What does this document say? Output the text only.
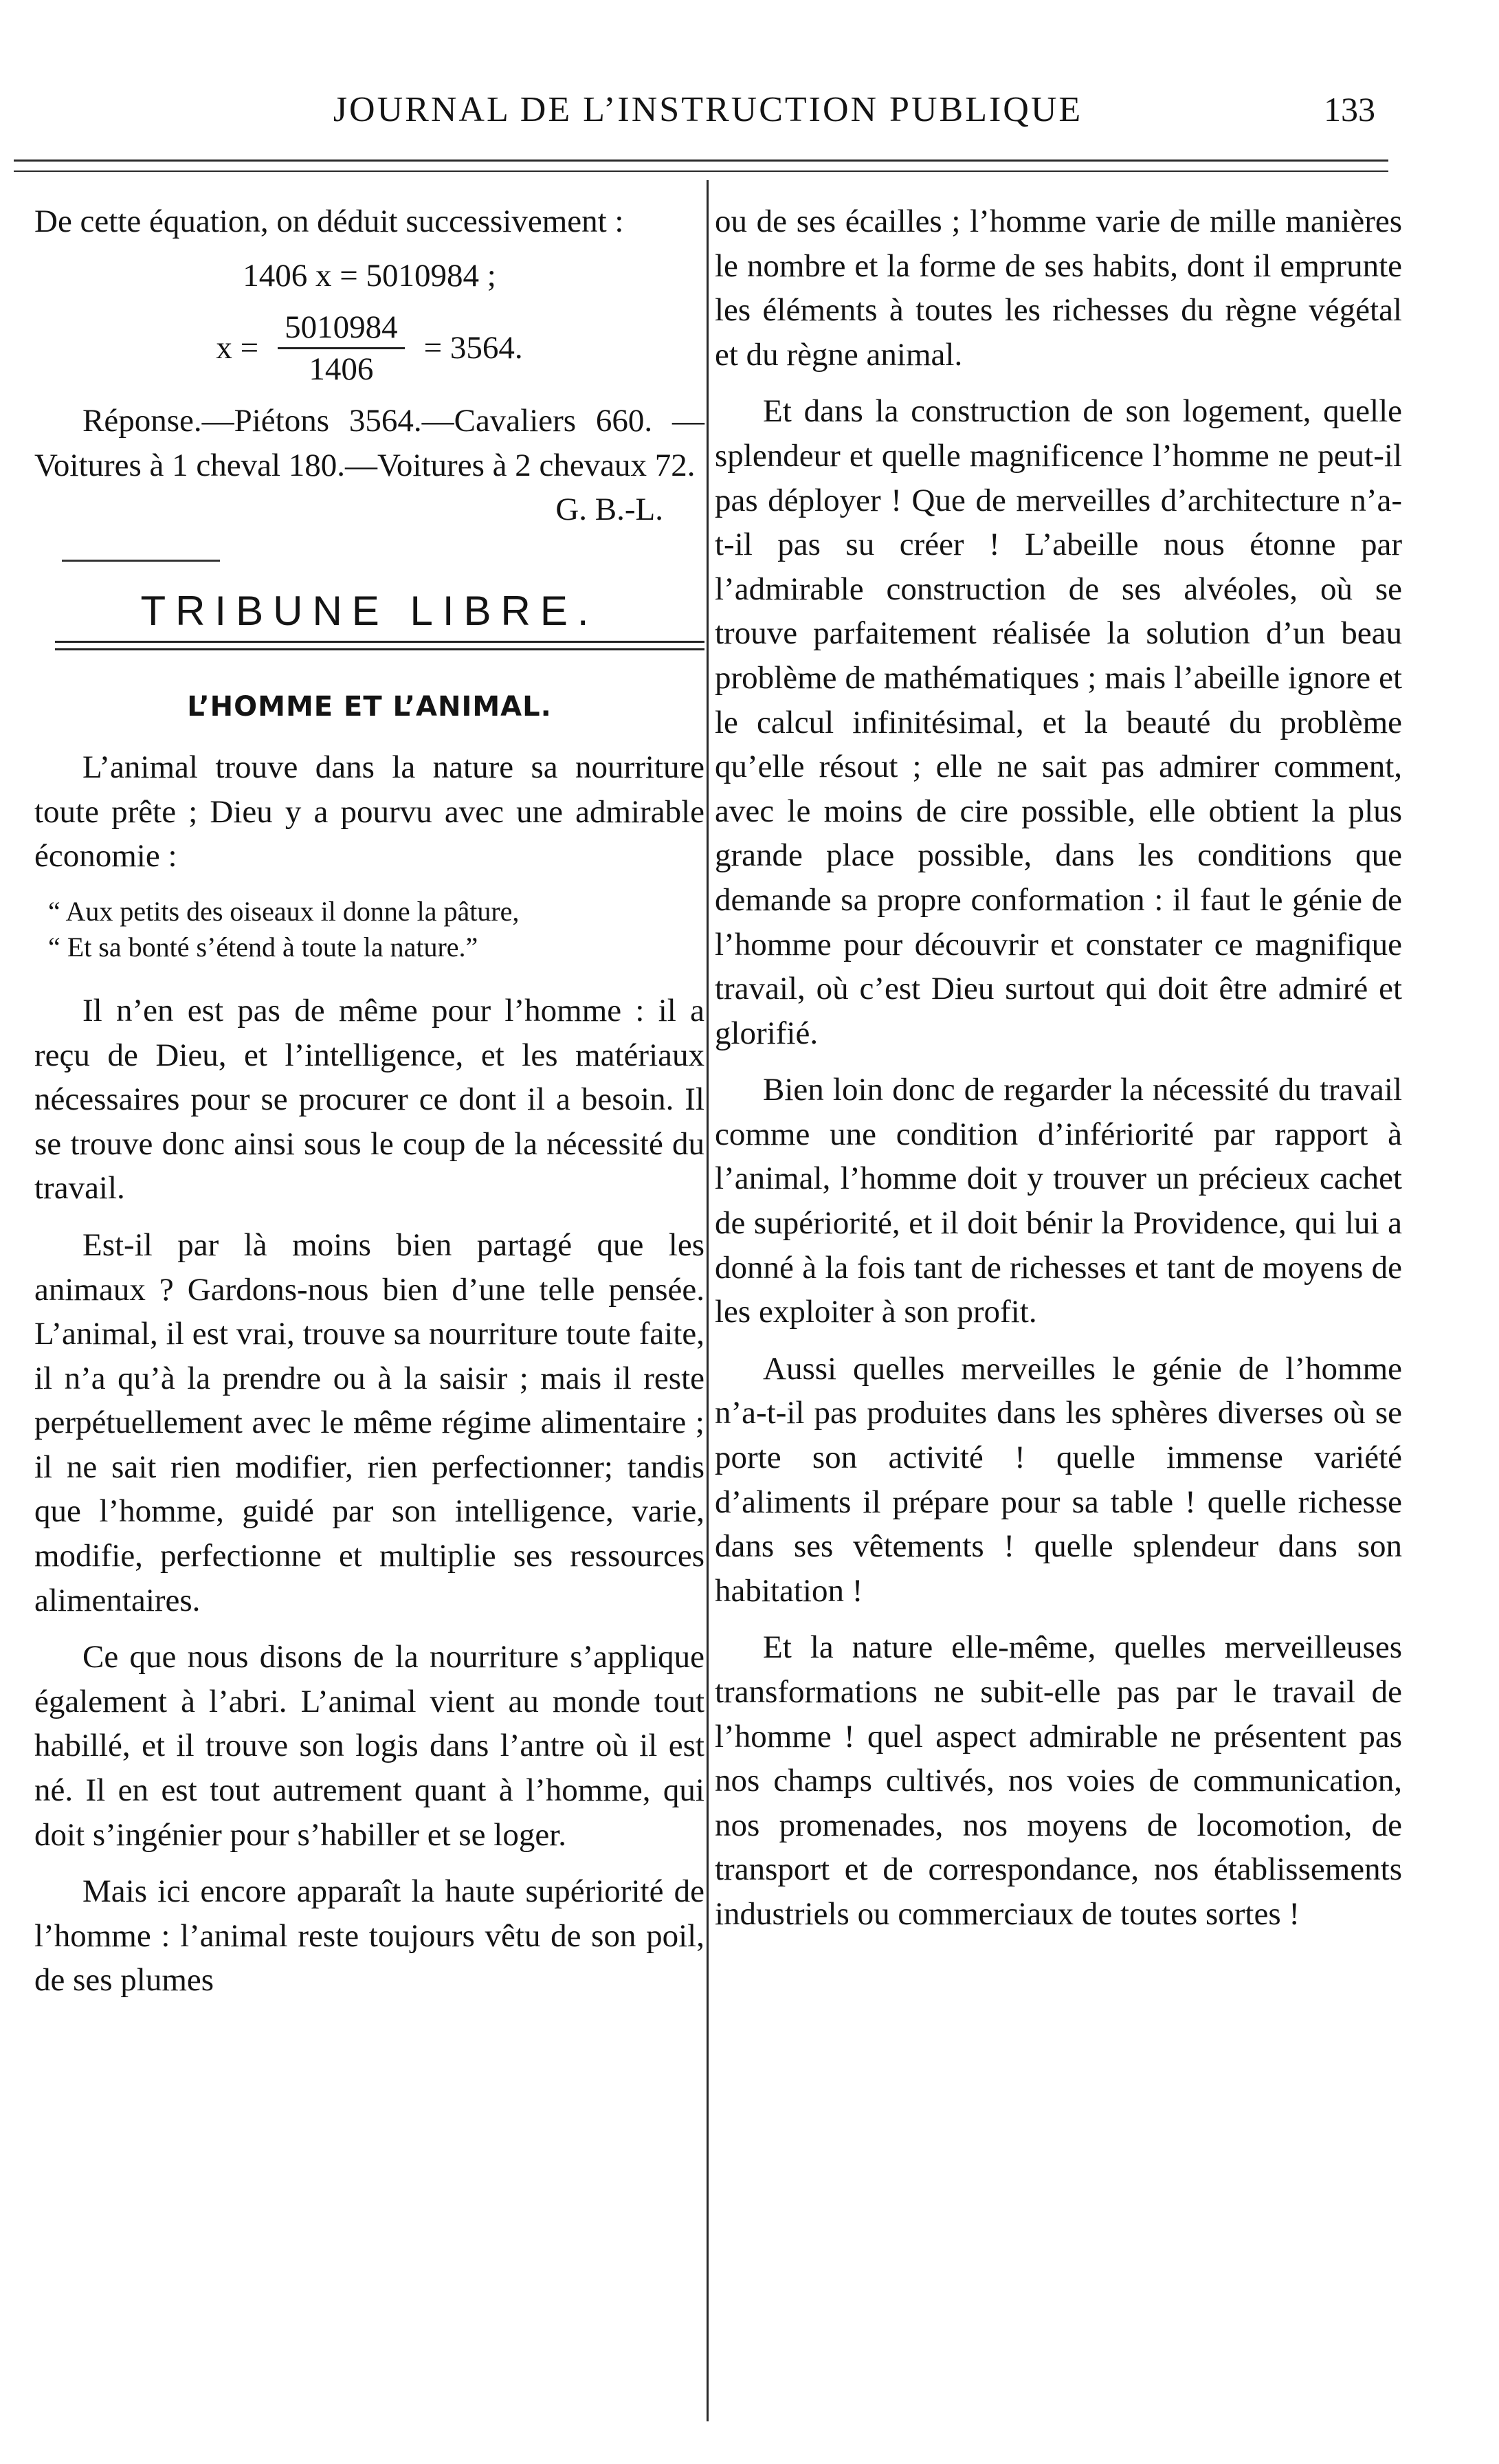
JOURNAL DE L’INSTRUCTION PUBLIQUE	133

De cette équation, on déduit successivement :

1406 x = 5010984 ;
$x = \frac{5010984}{1406} = 3564$.

Réponse.—Piétons 3564.—Cavaliers 660. —Voitures à 1 cheval 180.—Voitures à 2 chevaux 72.

G. B.-L.

TRIBUNE LIBRE.
L’HOMME ET L’ANIMAL.

L’animal trouve dans la nature sa nourriture toute prête ; Dieu y a pourvu avec une admirable économie :

“ Aux petits des oiseaux il donne la pâture,
“ Et sa bonté s’étend à toute la nature.”

Il n’en est pas de même pour l’homme : il a reçu de Dieu, et l’intelligence, et les matériaux nécessaires pour se procurer ce dont il a besoin. Il se trouve donc ainsi sous le coup de la nécessité du travail.

Est-il par là moins bien partagé que les animaux ? Gardons-nous bien d’une telle pensée. L’animal, il est vrai, trouve sa nourriture toute faite, il n’a qu’à la prendre ou à la saisir ; mais il reste perpétuellement avec le même régime alimentaire ; il ne sait rien modifier, rien perfectionner; tandis que l’homme, guidé par son intelligence, varie, modifie, perfectionne et multiplie ses ressources alimentaires.

Ce que nous disons de la nourriture s’applique également à l’abri. L’animal vient au monde tout habillé, et il trouve son logis dans l’antre où il est né. Il en est tout autrement quant à l’homme, qui doit s’ingénier pour s’habiller et se loger.

Mais ici encore apparaît la haute supériorité de l’homme : l’animal reste toujours vêtu de son poil, de ses plumes

ou de ses écailles ; l’homme varie de mille manières le nombre et la forme de ses habits, dont il emprunte les éléments à toutes les richesses du règne végétal et du règne animal.

Et dans la construction de son logement, quelle splendeur et quelle magnificence l’homme ne peut-il pas déployer ! Que de merveilles d’architecture n’a-t-il pas su créer ! L’abeille nous étonne par l’admirable construction de ses alvéoles, où se trouve parfaitement réalisée la solution d’un beau problème de mathématiques ; mais l’abeille ignore et le calcul infinitésimal, et la beauté du problème qu’elle résout ; elle ne sait pas admirer comment, avec le moins de cire possible, elle obtient la plus grande place possible, dans les conditions que demande sa propre conformation : il faut le génie de l’homme pour découvrir et constater ce magnifique travail, où c’est Dieu surtout qui doit être admiré et glorifié.

Bien loin donc de regarder la nécessité du travail comme une condition d’infériorité par rapport à l’animal, l’homme doit y trouver un précieux cachet de supériorité, et il doit bénir la Providence, qui lui a donné à la fois tant de richesses et tant de moyens de les exploiter à son profit.

Aussi quelles merveilles le génie de l’homme n’a-t-il pas produites dans les sphères diverses où se porte son activité ! quelle immense variété d’aliments il prépare pour sa table ! quelle richesse dans ses vêtements ! quelle splendeur dans son habitation !

Et la nature elle-même, quelles merveilleuses transformations ne subit-elle pas par le travail de l’homme ! quel aspect admirable ne présentent pas nos champs cultivés, nos voies de communication, nos promenades, nos moyens de locomotion, de transport et de correspondance, nos établissements industriels ou commerciaux de toutes sortes !
